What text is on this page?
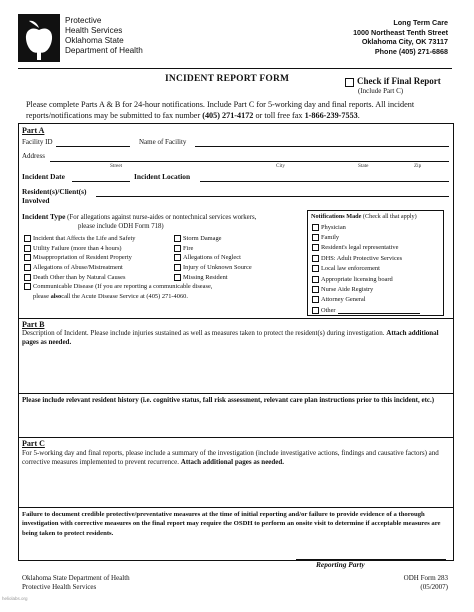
Protective
Health Services
Oklahoma State
Department of Health
Long Term Care
1000 Northeast Tenth Street
Oklahoma City, OK 73117
Phone (405) 271-6868
INCIDENT REPORT FORM	Check if Final Report
(Include Part C)
Please complete Parts A & B for 24-hour notifications. Include Part C for 5-working day and final reports. All incident reports/notifications may be submitted to fax number (405) 271-4172 or toll free fax 1-866-239-7553.
Part A
Facility ID	Name of Facility
Address
Street	City	State	Zip
Incident Date	Incident Location
Resident(s)/Client(s)
Involved
Incident Type (For allegations against nurse-aides or nontechnical services workers,
please include ODH Form 718)
Incident that Affects the Life and Safety
Utility Failure (more than 4 hours)
Misappropriation of Resident Property
Allegations of Abuse/Mistreatment
Death Other than by Natural Causes
Communicable Disease (If you are reporting a communicable disease,
please
also call the Acute Disease Service at (405) 271-4060.
Storm Damage
Fire
Allegations of Neglect
Injury of Unknown Source
Missing Resident
Notifications Made (Check all that apply)
Physician
Family
Resident's legal representative
DHS: Adult Protective Services
Local law enforcement
Appropriate licensing board
Nurse Aide Registry
Attorney General
Other
Part B
Description of Incident. Please include injuries sustained as well as measures taken to protect the resident(s) during investigation. Attach additional pages as needed.
Please include relevant resident history (i.e. cognitive status, fall risk assessment, relevant care plan instructions prior to this incident, etc.)
Part C
For 5-working day and final reports, please include a summary of the investigation (include investigative actions, findings and causative factors) and corrective measures implemented to prevent recurrence. Attach additional pages as needed.
Failure to document credible protective/preventative measures at the time of initial reporting and/or failure to provide evidence of a thorough investigation with corrective measures on the final report may require the OSDH to perform an onsite visit to determine if acceptable measures are being taken to protect residents.
Reporting Party
Oklahoma State Department of Health
Protective Health Services
ODH Form 283
(05/2007)
heliolabs.org
